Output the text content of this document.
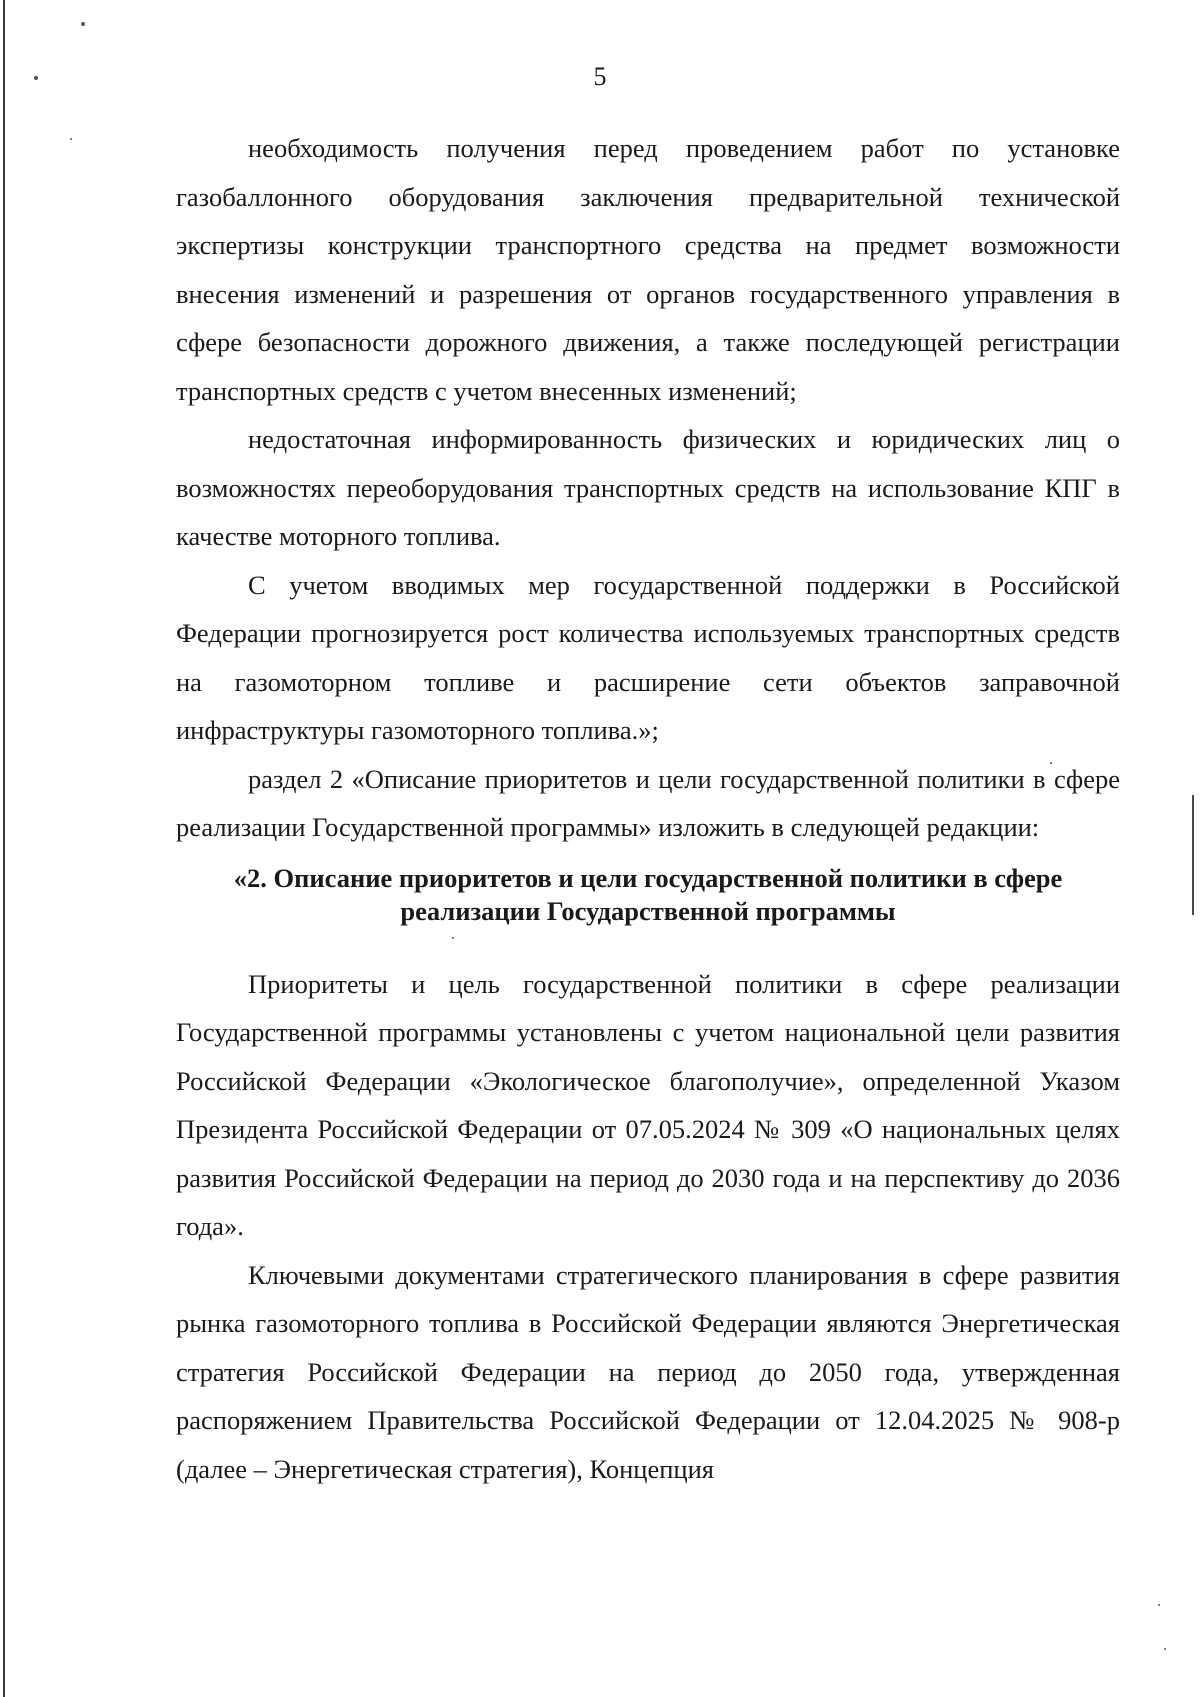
5

необходимость получения перед проведением работ по установке газобаллонного оборудования заключения предварительной технической экспертизы конструкции транспортного средства на предмет возможности внесения изменений и разрешения от органов государственного управления в сфере безопасности дорожного движения, а также последующей регистрации транспортных средств с учетом внесенных изменений;

недостаточная информированность физических и юридических лиц о возможностях переоборудования транспортных средств на использование КПГ в качестве моторного топлива.

С учетом вводимых мер государственной поддержки в Российской Федерации прогнозируется рост количества используемых транспортных средств на газомоторном топливе и расширение сети объектов заправочной инфраструктуры газомоторного топлива.»;

раздел 2 «Описание приоритетов и цели государственной политики в сфере реализации Государственной программы» изложить в следующей редакции:

«2. Описание приоритетов и цели государственной политики в сфере
реализации Государственной программы

Приоритеты и цель государственной политики в сфере реализации Государственной программы установлены с учетом национальной цели развития Российской Федерации «Экологическое благополучие», определенной Указом Президента Российской Федерации от 07.05.2024 № 309 «О национальных целях развития Российской Федерации на период до 2030 года и на перспективу до 2036 года».

Ключевыми документами стратегического планирования в сфере развития рынка газомоторного топлива в Российской Федерации являются Энергетическая стратегия Российской Федерации на период до 2050 года, утвержденная распоряжением Правительства Российской Федерации от 12.04.2025 № 908-р (далее – Энергетическая стратегия), Концепция
